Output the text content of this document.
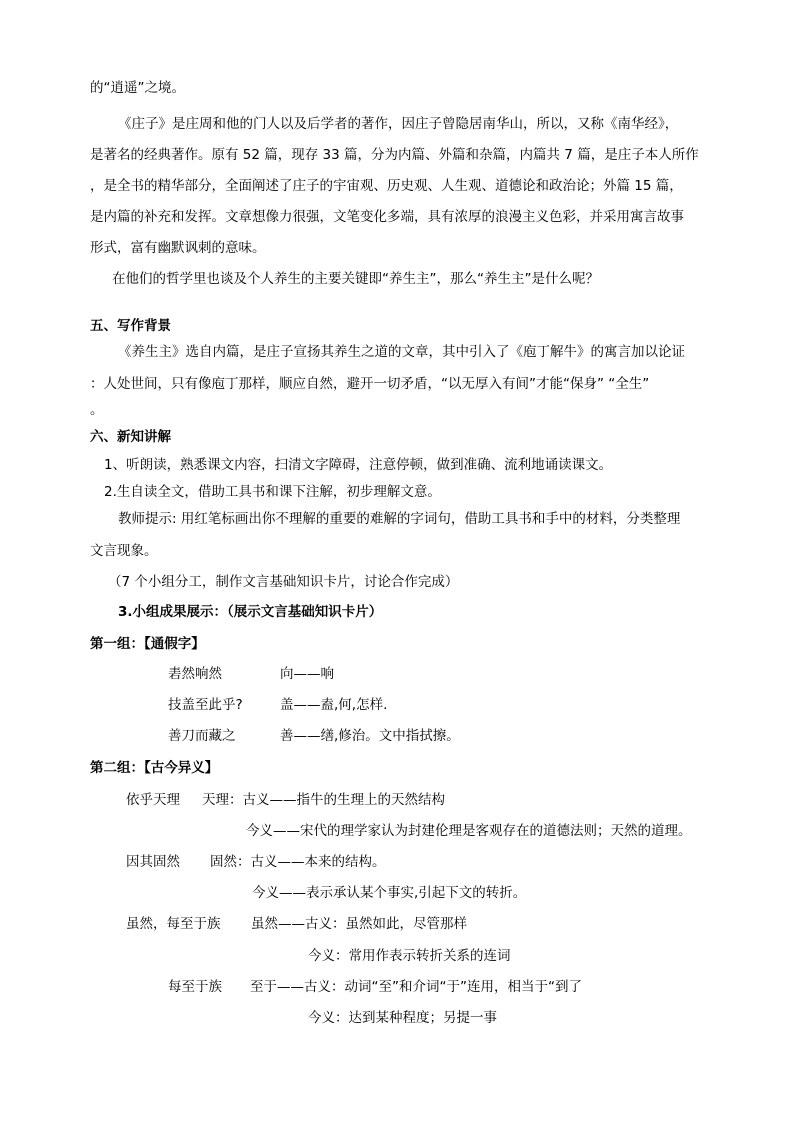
的“逍遥”之境。
《庄子》是庄周和他的门人以及后学者的著作，因庄子曾隐居南华山，所以，又称《南华经》，
是著名的经典著作。原有 52 篇，现存 33 篇，分为内篇、外篇和杂篇，内篇共 7 篇，是庄子本人所作
，是全书的精华部分，全面阐述了庄子的宇宙观、历史观、人生观、道德论和政治论；外篇 15 篇，
是内篇的补充和发挥。文章想像力很强，文笔变化多端，具有浓厚的浪漫主义色彩，并采用寓言故事
形式，富有幽默讽刺的意味。
在他们的哲学里也谈及个人养生的主要关键即“养生主”，那么“养生主”是什么呢？
五、写作背景
《养生主》选自内篇，是庄子宣扬其养生之道的文章，其中引入了《庖丁解牛》的寓言加以论证
：人处世间，只有像庖丁那样，顺应自然，避开一切矛盾，“以无厚入有间”才能“保身” “全生”
。
六、新知讲解
1、听朗读，熟悉课文内容，扫清文字障碍，注意停顿，做到准确、流利地诵读课文。
2.生自读全文，借助工具书和课下注解，初步理解文意。
教师提示: 用红笔标画出你不理解的重要的难解的字词句，借助工具书和手中的材料，分类整理
文言现象。
（7 个小组分工，制作文言基础知识卡片，讨论合作完成）
3.小组成果展示：（展示文言基础知识卡片）
第一组：【通假字】
砉然响然	向——响
技盖至此乎?	盖——盍,何,怎样.
善刀而藏之	善——缮,修治。文中指拭擦。
第二组：【古今异义】
依乎天理 天理：古义——指牛的生理上的天然结构
今义——宋代的理学家认为封建伦理是客观存在的道德法则；天然的道理。
因其固然 固然：古义——本来的结构。
今义——表示承认某个事实,引起下文的转折。
虽然，每至于族 虽然——古义：虽然如此，尽管那样
今义：常用作表示转折关系的连词
每至于族 至于——古义：动词“至”和介词“于”连用，相当于“到了
今义：达到某种程度；另提一事
